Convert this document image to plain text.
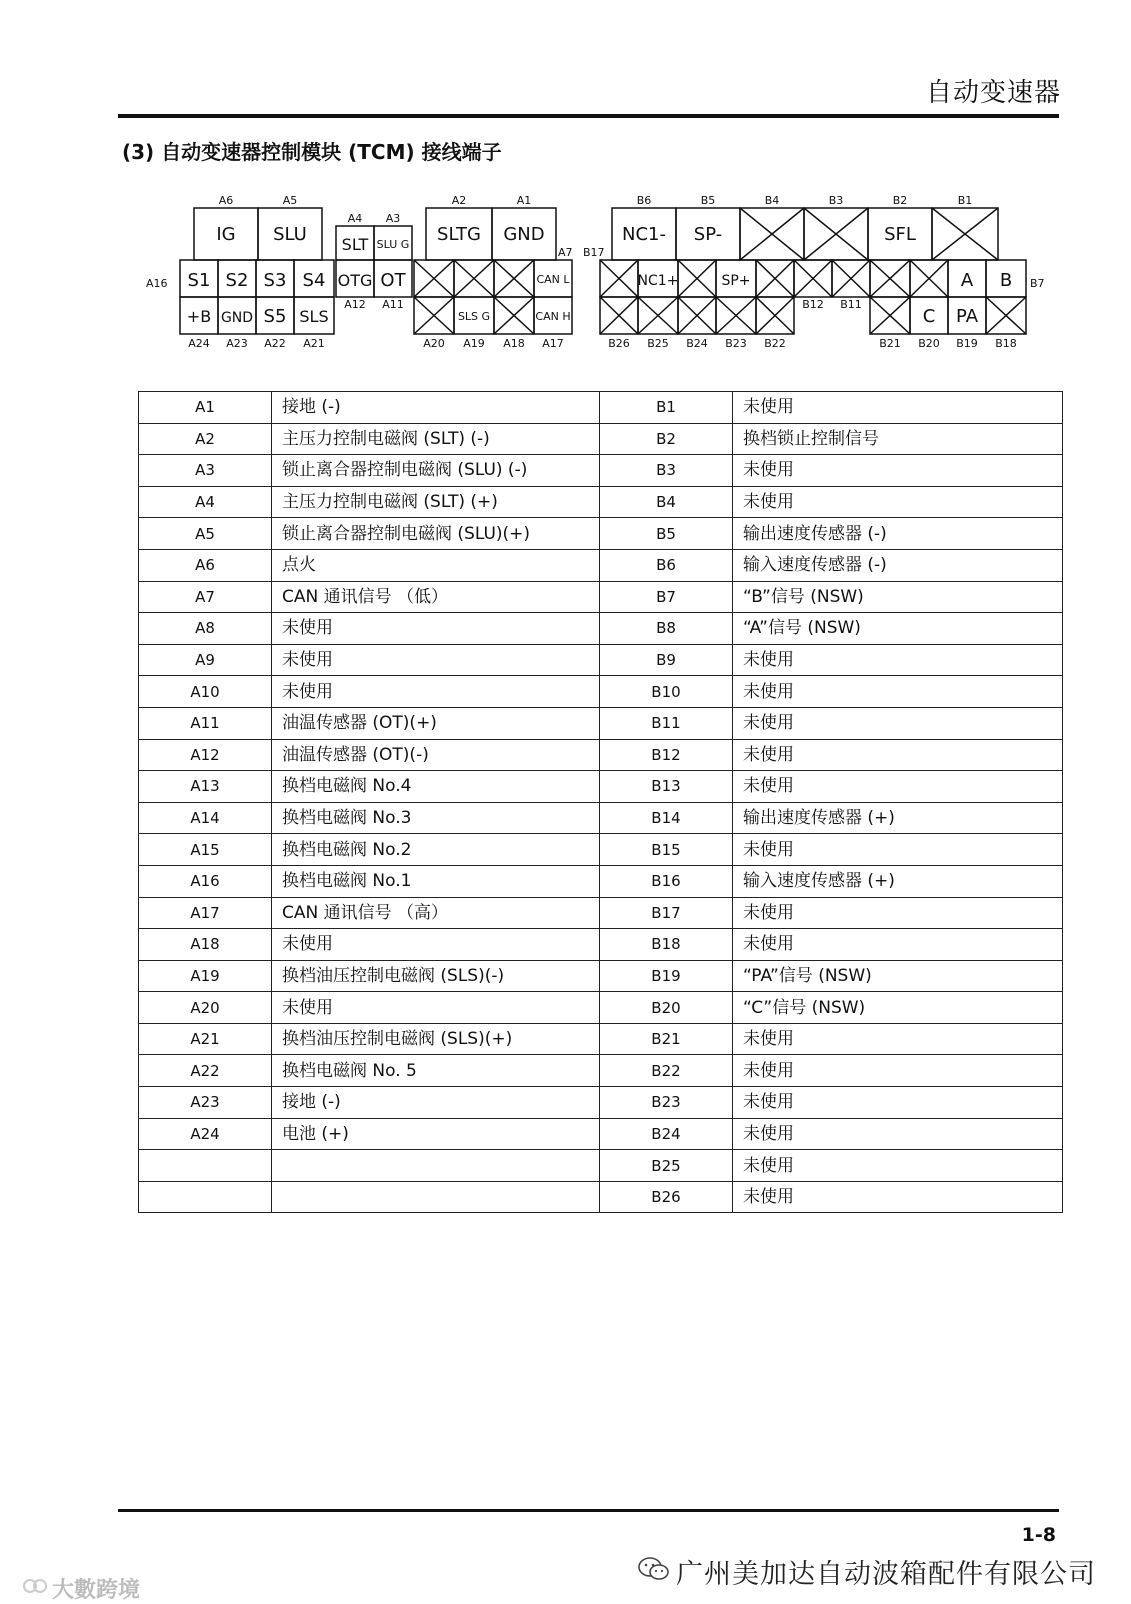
自动变速器
(3) 自动变速器控制模块 (TCM) 接线端子
A6	A5
A4 A3
A2	A1
A7
A16
A12 A11
A24 A23 A22 A21	A20 A19 A18 A17
IG SLU SLT SLU G SLTG GND
S1 S2 S3 S4 OTG OT	CAN L
+B GND S5 SLS	SLS G	CAN H
B6	B5	B4	B3	B2	B1
B17
B7
B12 B11
B26 B25 B24 B23 B22	B21 B20 B19 B18
NC1- SP-	SFL
NC1+	SP+	A B
C PA
A1	接地 (-)	B1	未使用
A2	主压力控制电磁阀 (SLT) (-)	B2	换档锁止控制信号
A3	锁止离合器控制电磁阀 (SLU) (-)	B3	未使用
A4	主压力控制电磁阀 (SLT) (+)	B4	未使用
A5	锁止离合器控制电磁阀 (SLU)(+)	B5	输出速度传感器 (-)
A6	点火	B6	输入速度传感器 (-)
A7	CAN 通讯信号 （低）	B7	“B”信号 (NSW)
A8	未使用	B8	“A”信号 (NSW)
A9	未使用	B9	未使用
A10	未使用	B10	未使用
A11	油温传感器 (OT)(+)	B11	未使用
A12	油温传感器 (OT)(-)	B12	未使用
A13	换档电磁阀 No.4	B13	未使用
A14	换档电磁阀 No.3	B14	输出速度传感器 (+)
A15	换档电磁阀 No.2	B15	未使用
A16	换档电磁阀 No.1	B16	输入速度传感器 (+)
A17	CAN 通讯信号 （高）	B17	未使用
A18	未使用	B18	未使用
A19	换档油压控制电磁阀 (SLS)(-)	B19	“PA”信号 (NSW)
A20	未使用	B20	“C”信号 (NSW)
A21	换档油压控制电磁阀 (SLS)(+)	B21	未使用
A22	换档电磁阀 No. 5	B22	未使用
A23	接地 (-)	B23	未使用
A24	电池 (+)	B24	未使用
		B25	未使用
		B26	未使用
1-8
广州美加达自动波箱配件有限公司
大數跨境
